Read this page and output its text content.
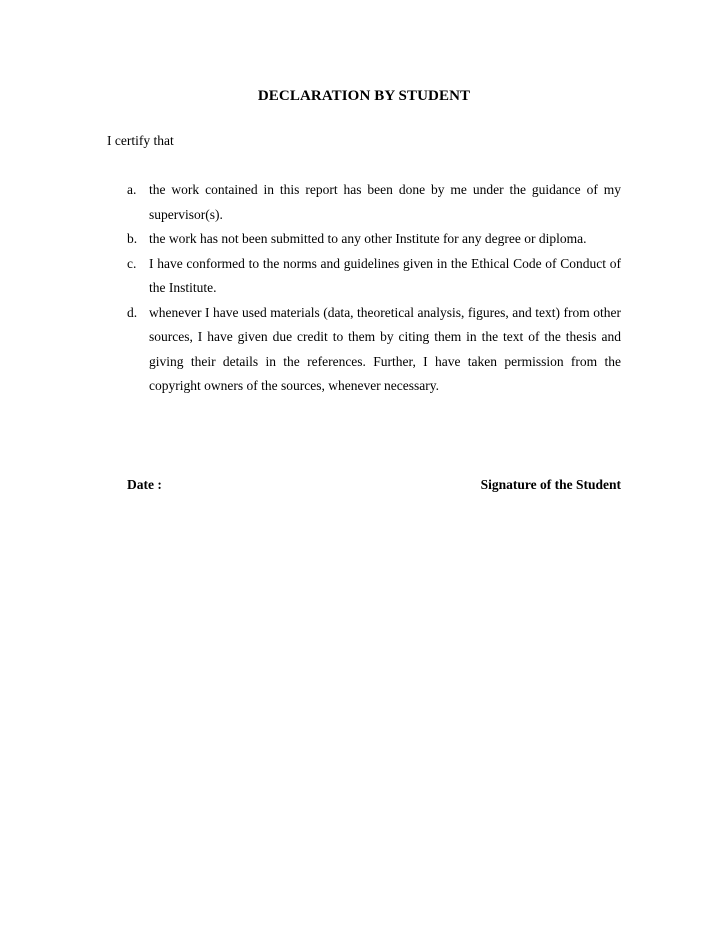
DECLARATION BY STUDENT
I certify that
a. the work contained in this report has been done by me under the guidance of my supervisor(s).
b. the work has not been submitted to any other Institute for any degree or diploma.
c. I have conformed to the norms and guidelines given in the Ethical Code of Conduct of the Institute.
d. whenever I have used materials (data, theoretical analysis, figures, and text) from other sources, I have given due credit to them by citing them in the text of the thesis and giving their details in the references. Further, I have taken permission from the copyright owners of the sources, whenever necessary.
Date :	Signature of the Student
